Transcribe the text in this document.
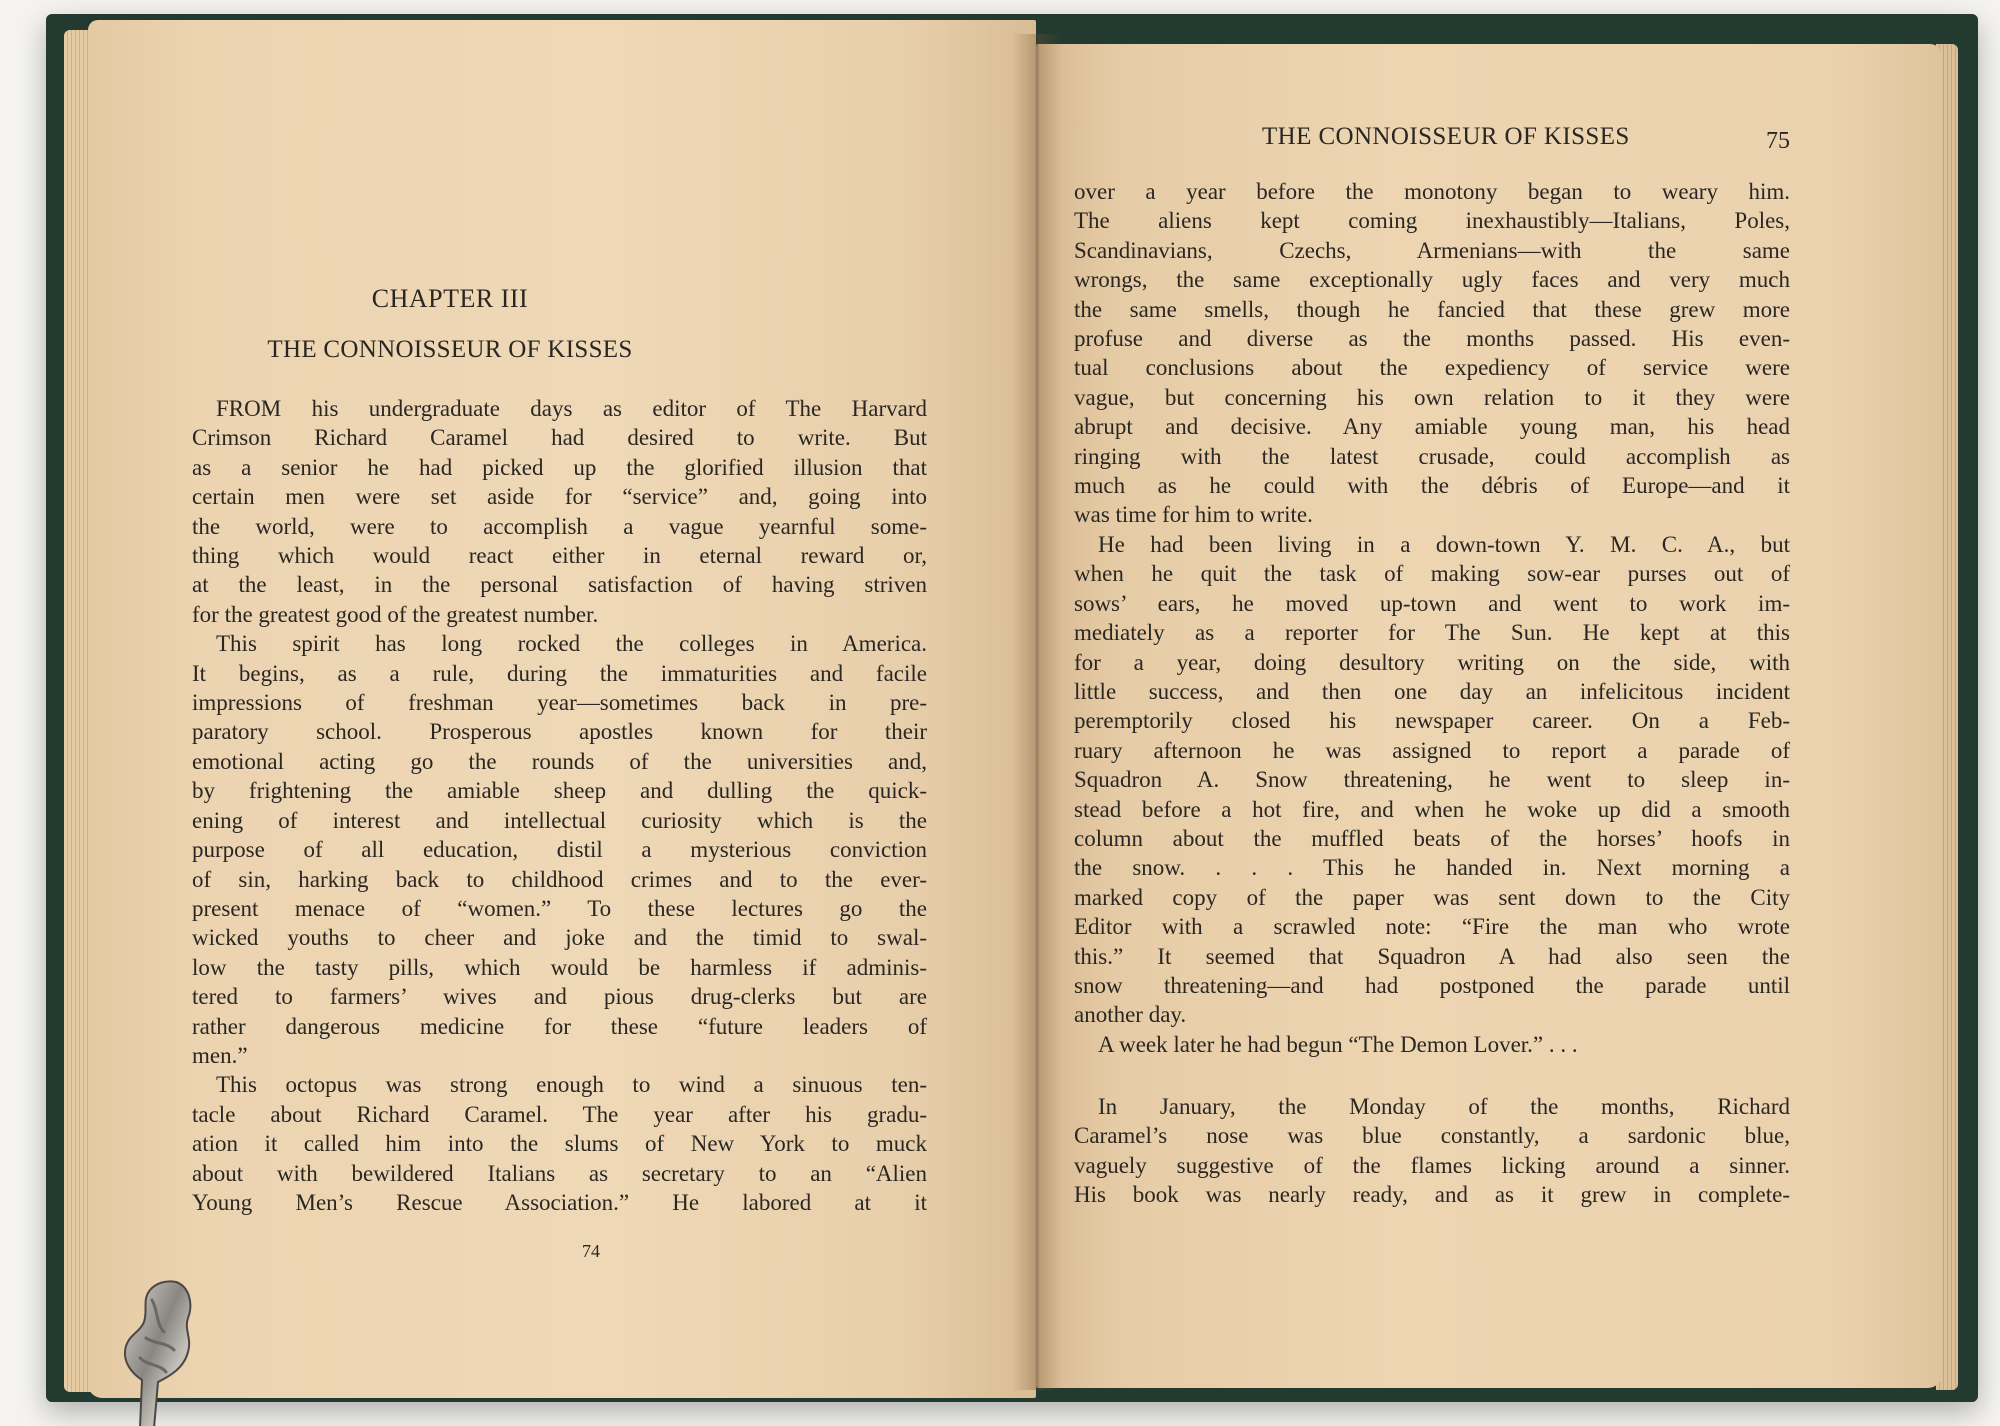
CHAPTER III
THE CONNOISSEUR OF KISSES
FROM his undergraduate days as editor of The Harvard
Crimson Richard Caramel had desired to write. But
as a senior he had picked up the glorified illusion that
certain men were set aside for “service” and, going into
the world, were to accomplish a vague yearnful some-
thing which would react either in eternal reward or,
at the least, in the personal satisfaction of having striven
for the greatest good of the greatest number.
This spirit has long rocked the colleges in America.
It begins, as a rule, during the immaturities and facile
impressions of freshman year—sometimes back in pre-
paratory school. Prosperous apostles known for their
emotional acting go the rounds of the universities and,
by frightening the amiable sheep and dulling the quick-
ening of interest and intellectual curiosity which is the
purpose of all education, distil a mysterious conviction
of sin, harking back to childhood crimes and to the ever-
present menace of “women.” To these lectures go the
wicked youths to cheer and joke and the timid to swal-
low the tasty pills, which would be harmless if adminis-
tered to farmers’ wives and pious drug-clerks but are
rather dangerous medicine for these “future leaders of
men.”
This octopus was strong enough to wind a sinuous ten-
tacle about Richard Caramel. The year after his gradu-
ation it called him into the slums of New York to muck
about with bewildered Italians as secretary to an “Alien
Young Men’s Rescue Association.” He labored at it
74
THE CONNOISSEUR OF KISSES	75
over a year before the monotony began to weary him.
The aliens kept coming inexhaustibly—Italians, Poles,
Scandinavians, Czechs, Armenians—with the same
wrongs, the same exceptionally ugly faces and very much
the same smells, though he fancied that these grew more
profuse and diverse as the months passed. His even-
tual conclusions about the expediency of service were
vague, but concerning his own relation to it they were
abrupt and decisive. Any amiable young man, his head
ringing with the latest crusade, could accomplish as
much as he could with the débris of Europe—and it
was time for him to write.
He had been living in a down-town Y. M. C. A., but
when he quit the task of making sow-ear purses out of
sows’ ears, he moved up-town and went to work im-
mediately as a reporter for The Sun. He kept at this
for a year, doing desultory writing on the side, with
little success, and then one day an infelicitous incident
peremptorily closed his newspaper career. On a Feb-
ruary afternoon he was assigned to report a parade of
Squadron A. Snow threatening, he went to sleep in-
stead before a hot fire, and when he woke up did a smooth
column about the muffled beats of the horses’ hoofs in
the snow. . . . This he handed in. Next morning a
marked copy of the paper was sent down to the City
Editor with a scrawled note: “Fire the man who wrote
this.” It seemed that Squadron A had also seen the
snow threatening—and had postponed the parade until
another day.
A week later he had begun “The Demon Lover.” . . .
In January, the Monday of the months, Richard
Caramel’s nose was blue constantly, a sardonic blue,
vaguely suggestive of the flames licking around a sinner.
His book was nearly ready, and as it grew in complete-
